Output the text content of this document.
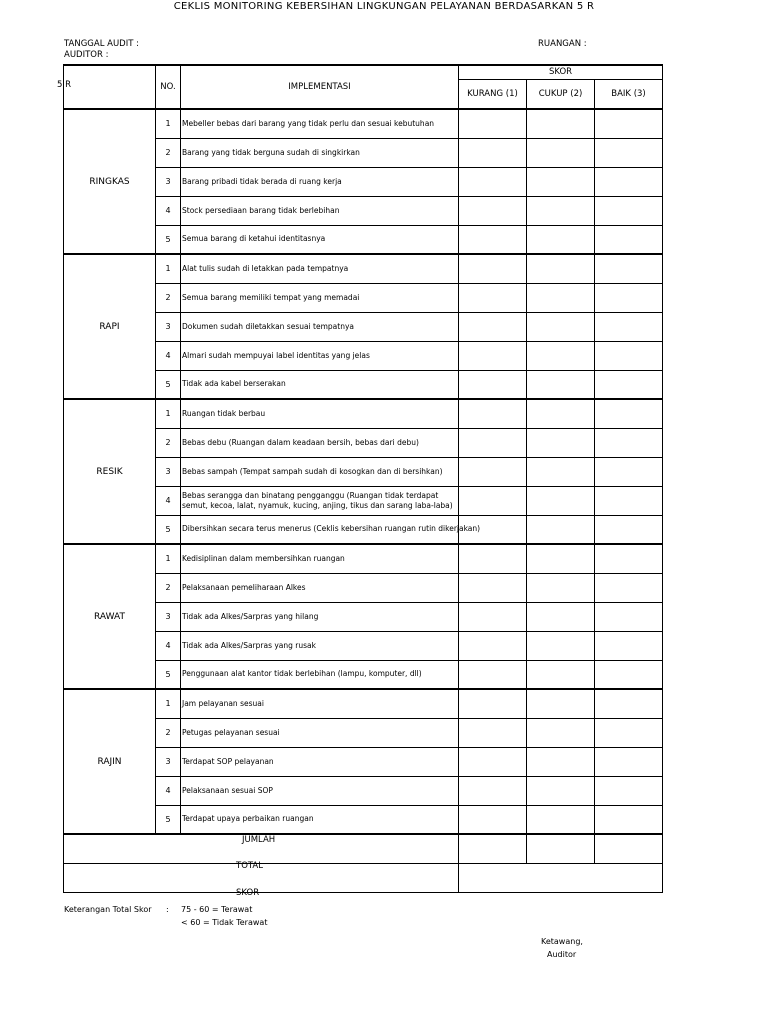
CEKLIS MONITORING KEBERSIHAN LINGKUNGAN PELAYANAN BERDASARKAN 5 R
TANGGAL AUDIT :
AUDITOR :
RUANGAN :
5 R
		NO.	IMPLEMENTASI	SKOR		
			KURANG (1)	CUKUP (2)	BAIK (3)
RINGKAS	1	Mebeller bebas dari barang yang tidak perlu dan sesuai kebutuhan			
	2	Barang yang tidak berguna sudah di singkirkan			
	3	Barang pribadi tidak berada di ruang kerja			
	4	Stock persediaan barang tidak berlebihan			
	5	Semua barang di ketahui identitasnya			
RAPI	1	Alat tulis sudah di letakkan pada tempatnya			
	2	Semua barang memiliki tempat yang memadai			
	3	Dokumen sudah diletakkan sesuai tempatnya			
	4	Almari sudah mempuyai label identitas yang jelas			
	5	Tidak ada kabel berserakan			
RESIK	1	Ruangan tidak berbau			
	2	Bebas debu (Ruangan dalam keadaan bersih, bebas dari debu)			
	3	Bebas sampah (Tempat sampah sudah di kosogkan dan di bersihkan)			
	4	Bebas serangga dan binatang pengganggu (Ruangan tidak terdapat semut, kecoa, lalat, nyamuk, kucing, anjing, tikus dan sarang laba-laba)			
	5	Dibersihkan secara terus menerus (Ceklis kebersihan ruangan rutin dikerjakan)			
RAWAT	1	Kedisiplinan dalam membersihkan ruangan			
	2	Pelaksanaan pemeliharaan Alkes			
	3	Tidak ada Alkes/Sarpras yang hilang			
	4	Tidak ada Alkes/Sarpras yang rusak			
	5	Penggunaan alat kantor tidak berlebihan (lampu, komputer, dll)			
RAJIN	1	Jam pelayanan sesuai			
	2	Petugas pelayanan sesuai			
	3	Terdapat SOP pelayanan			
	4	Pelaksanaan sesuai SOP			
	5	Terdapat upaya perbaikan ruangan			

JUMLAH					

TOTAL
SKOR					

Keterangan Total Skor : 75 - 60 = Terawat
< 60 = Tidak Terawat
Ketawang,
Auditor
